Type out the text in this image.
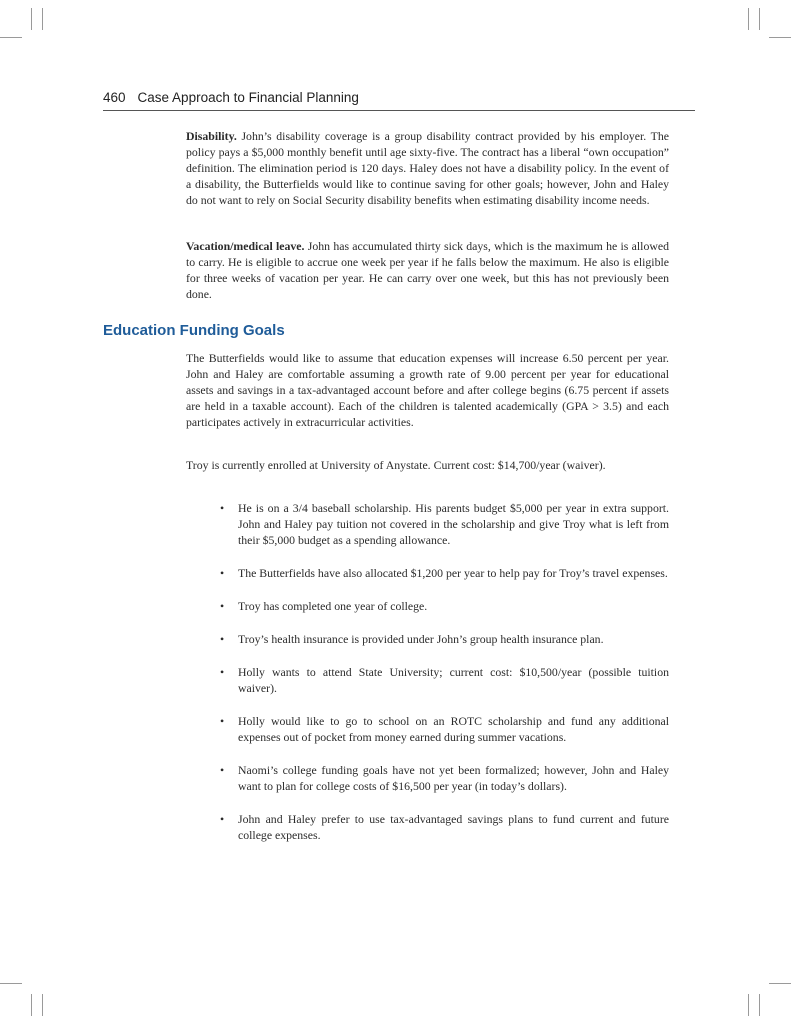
460 Case Approach to Financial Planning

Disability. John’s disability coverage is a group disability contract provided by his employer. The policy pays a $5,000 monthly benefit until age sixty-five. The contract has a liberal “own occupation” definition. The elimination period is 120 days. Haley does not have a disability policy. In the event of a disability, the Butterfields would like to continue saving for other goals; however, John and Haley do not want to rely on Social Security disability benefits when estimating disability income needs.

Vacation/medical leave. John has accumulated thirty sick days, which is the maximum he is allowed to carry. He is eligible to accrue one week per year if he falls below the maximum. He also is eligible for three weeks of vacation per year. He can carry over one week, but this has not previously been done.

Education Funding Goals

The Butterfields would like to assume that education expenses will increase 6.50 percent per year. John and Haley are comfortable assuming a growth rate of 9.00 percent per year for educational assets and savings in a tax-advantaged account before and after college begins (6.75 percent if assets are held in a taxable account). Each of the children is talented academically (GPA > 3.5) and each participates actively in extracurricular activities.

Troy is currently enrolled at University of Anystate. Current cost: $14,700/year (waiver).

• He is on a 3/4 baseball scholarship. His parents budget $5,000 per year in extra support. John and Haley pay tuition not covered in the scholarship and give Troy what is left from their $5,000 budget as a spending allowance.
• The Butterfields have also allocated $1,200 per year to help pay for Troy’s travel expenses.
• Troy has completed one year of college.
• Troy’s health insurance is provided under John’s group health insurance plan.
• Holly wants to attend State University; current cost: $10,500/year (possible tuition waiver).
• Holly would like to go to school on an ROTC scholarship and fund any additional expenses out of pocket from money earned during summer vacations.
• Naomi’s college funding goals have not yet been formalized; however, John and Haley want to plan for college costs of $16,500 per year (in today’s dollars).
• John and Haley prefer to use tax-advantaged savings plans to fund current and future college expenses.
